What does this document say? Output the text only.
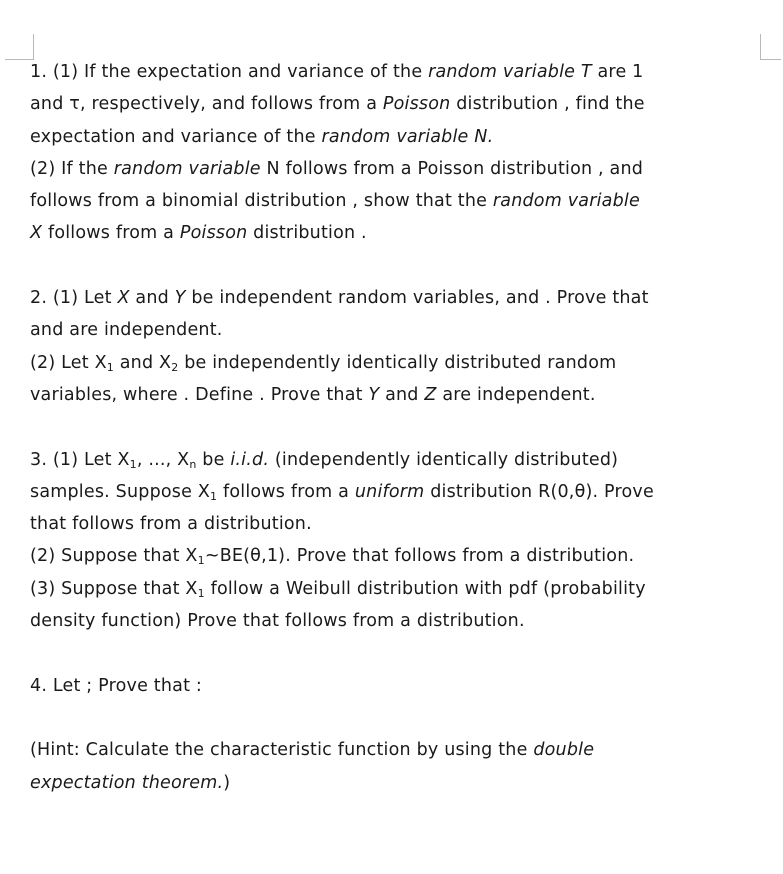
1. (1) If the expectation and variance of the random variable T are 1
and τ, respectively, and follows from a Poisson distribution , find the
expectation and variance of the random variable N.
(2) If the random variable N follows from a Poisson distribution , and
follows from a binomial distribution , show that the random variable
X follows from a Poisson distribution .
2. (1) Let X and Y be independent random variables, and . Prove that
and are independent.
(2) Let $X_1$ and $X_2$ be independently identically distributed random
variables, where . Define . Prove that Y and Z are independent.
3. (1) Let $X_1$, ..., $X_n$ be i.i.d. (independently identically distributed)
samples. Suppose $X_1$ follows from a uniform distribution R(0,θ). Prove
that follows from a distribution.
(2) Suppose that $X_1\sim BE(\theta,1)$. Prove that follows from a distribution.
(3) Suppose that $X_1$ follow a Weibull distribution with pdf (probability
density function) Prove that follows from a distribution.
4. Let ; Prove that :
(Hint: Calculate the characteristic function by using the double
expectation theorem.)
